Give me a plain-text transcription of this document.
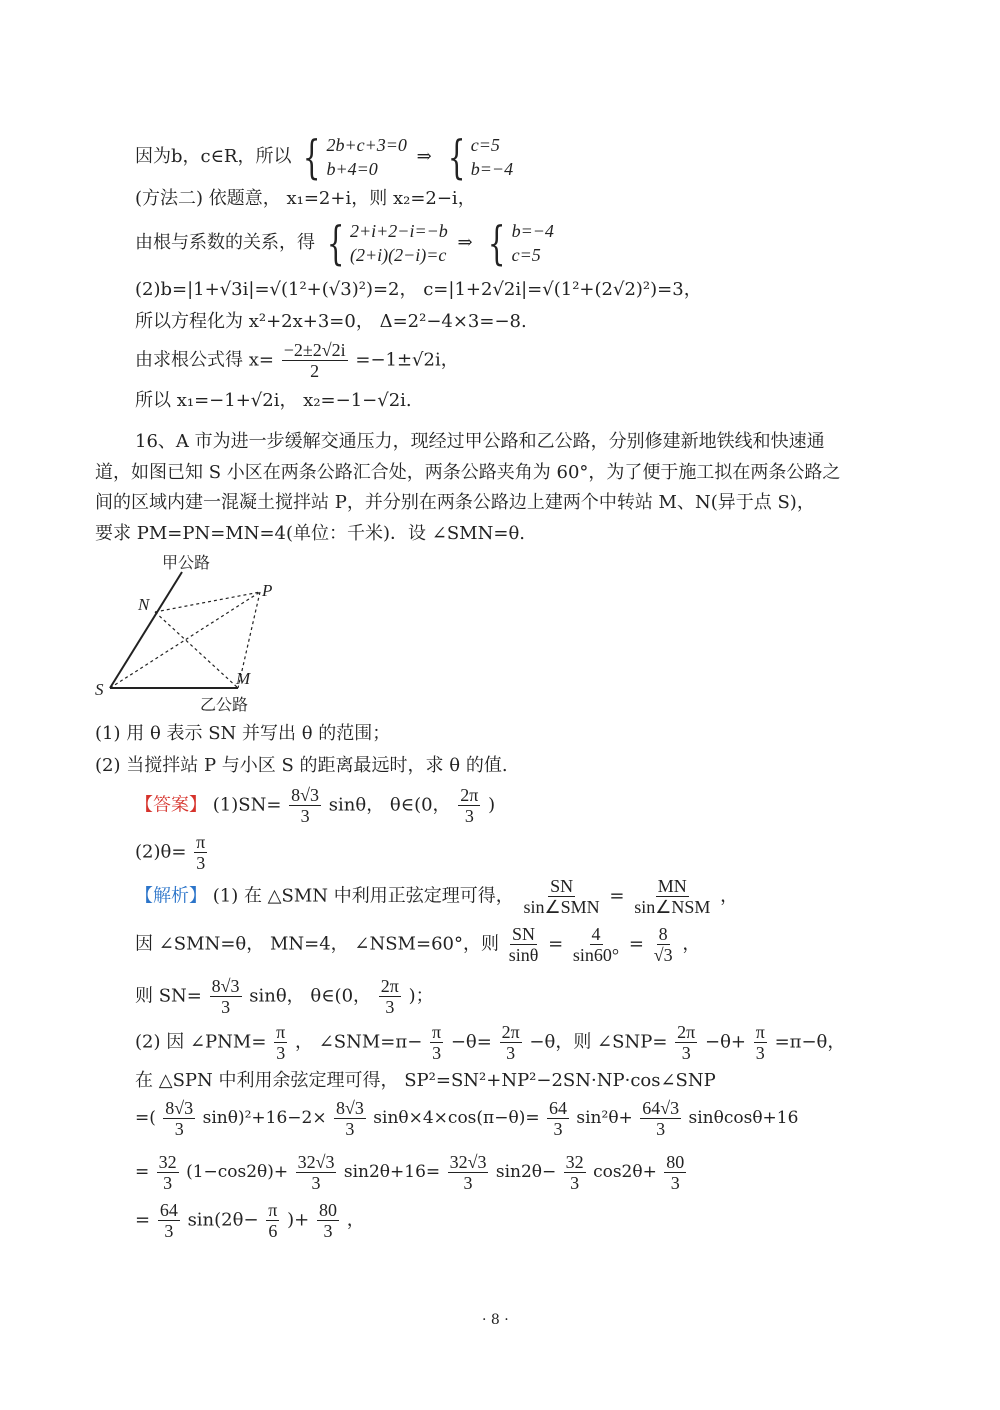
因为b，c∈R，所以 { 2b+c+3=0
b+4=0
⇒ { c=5
b=−4
(方法二) 依题意， x₁=2+i，则 x₂=2−i，
由根与系数的关系，得 { 2+i+2−i=−b
(2+i)(2−i)=c
⇒ { b=−4
c=5
(2)b=|1+√3i|=√(1²+(√3)²)=2， c=|1+2√2i|=√(1²+(2√2)²)=3，
所以方程化为 x²+2x+3=0， Δ=2²−4×3=−8.
由求根公式得 $x= \frac{-2\pm 2√2i}{2} =-1\pm√2i$，
所以 x₁=−1+√2i， x₂=−1−√2i.
16、A 市为进一步缓解交通压力，现经过甲公路和乙公路，分别修建新地铁线和快速通
道，如图已知 S 小区在两条公路汇合处，两条公路夹角为 60°，为了便于施工拟在两条公路之
间的区域内建一混凝土搅拌站 P，并分别在两条公路边上建两个中转站 M、N(异于点 S)，
要求 PM=PN=MN=4(单位：千米)．设 ∠SMN=θ.
甲公路
乙公路
S
N
P
M
(1) 用 θ 表示 SN 并写出 θ 的范围；
(2) 当搅拌站 P 与小区 S 的距离最远时，求 θ 的值.
【答案】 $(1)SN= \frac{8√3}{3}$ sinθ， θ∈(0， $\frac{2\pi}{3}$ )
$(2)\theta= \frac{\pi}{3}$
【解析】 (1) 在 △SMN 中利用正弦定理可得， $\frac{SN}{\text{sin∠SMN}} = \frac{MN}{\text{sin∠NSM}}$ ，
因 ∠SMN=θ， MN=4， ∠NSM=60°，则 $\frac{SN}{\sin\theta} = \frac{4}{\sin 60^\circ} = \frac{8}{√3}$ ，
则 $SN= \frac{8√3}{3}$ sinθ， θ∈(0， $\frac{2\pi}{3}$ )；
(2) 因 ∠PNM= $\frac{\pi}{3}$ ， ∠SNM=π− $\frac{\pi}{3} -\theta= \frac{2\pi}{3} -\theta$，则 ∠SNP= $\frac{2\pi}{3} -\theta+ \frac{\pi}{3} =\pi-\theta$，
在 △SPN 中利用余弦定理可得， SP²=SN²+NP²−2SN·NP·cos∠SNP
=( $\frac{8√3}{3} \sin\theta)^2+16-2\times \frac{8√3}{3} \sin\theta\times 4\times\cos(\pi-\theta)= \frac{64}{3} \sin^2\theta+ \frac{64√3}{3} \sin\theta\cos\theta+16$
= $\frac{32}{3} (1-\cos 2\theta)+ \frac{32√3}{3} \sin 2\theta+16= \frac{32√3}{3} \sin 2\theta- \frac{32}{3} \cos 2\theta+ \frac{80}{3}$
= $\frac{64}{3} \sin(2\theta- \frac{\pi}{6}$ )+ $\frac{80}{3}$ ，
· 8 ·
